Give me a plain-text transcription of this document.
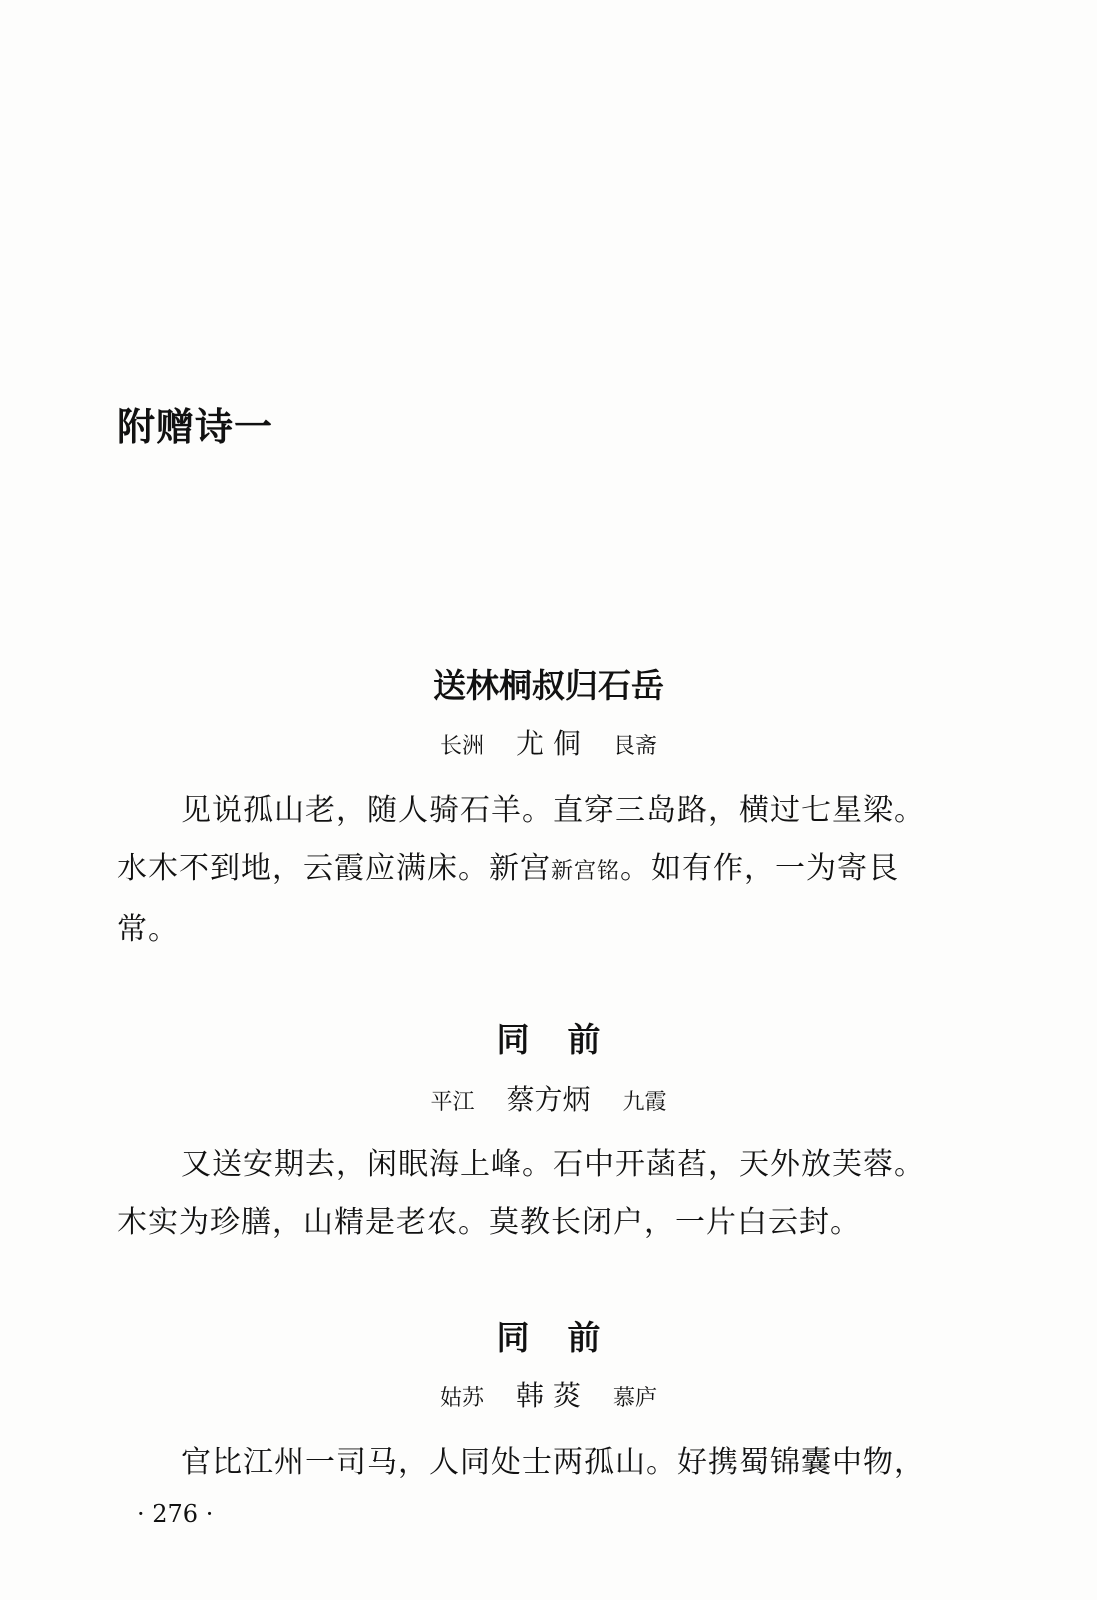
附赠诗一
送林桐叔归石岳

长洲 尤 侗 艮斋

见说孤山老，随人骑石羊。直穿三岛路，横过七星梁。水木不到地，云霞应满床。新宫新宫铭。如有作，一为寄艮常。

同前

平江 蔡方炳 九霞

又送安期去，闲眠海上峰。石中开菡萏，天外放芙蓉。木实为珍膳，山精是老农。莫教长闭户，一片白云封。

同前

姑苏 韩 菼 慕庐

官比江州一司马，人同处士两孤山。好携蜀锦囊中物，

· 276 ·
